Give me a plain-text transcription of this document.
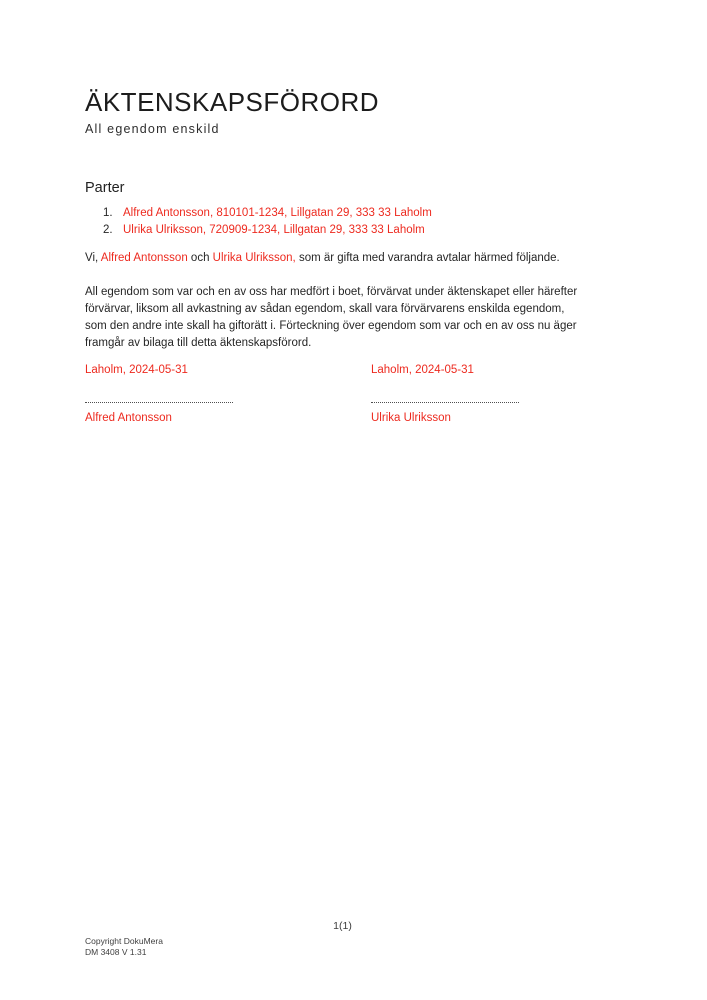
ÄKTENSKAPSFÖRORD
All egendom enskild
Parter
1. Alfred Antonsson, 810101-1234, Lillgatan 29, 333 33 Laholm
2. Ulrika Ulriksson, 720909-1234, Lillgatan 29, 333 33 Laholm
Vi, Alfred Antonsson och Ulrika Ulriksson, som är gifta med varandra avtalar härmed följande.
All egendom som var och en av oss har medfört i boet, förvärvat under äktenskapet eller härefter
förvärvar, liksom all avkastning av sådan egendom, skall vara förvärvarens enskilda egendom,
som den andre inte skall ha giftorätt i. Förteckning över egendom som var och en av oss nu äger
framgår av bilaga till detta äktenskapsförord.
Laholm, 2024-05-31
Alfred Antonsson
Laholm, 2024-05-31
Ulrika Ulriksson
1(1)
Copyright DokuMera
DM 3408 V 1.31
